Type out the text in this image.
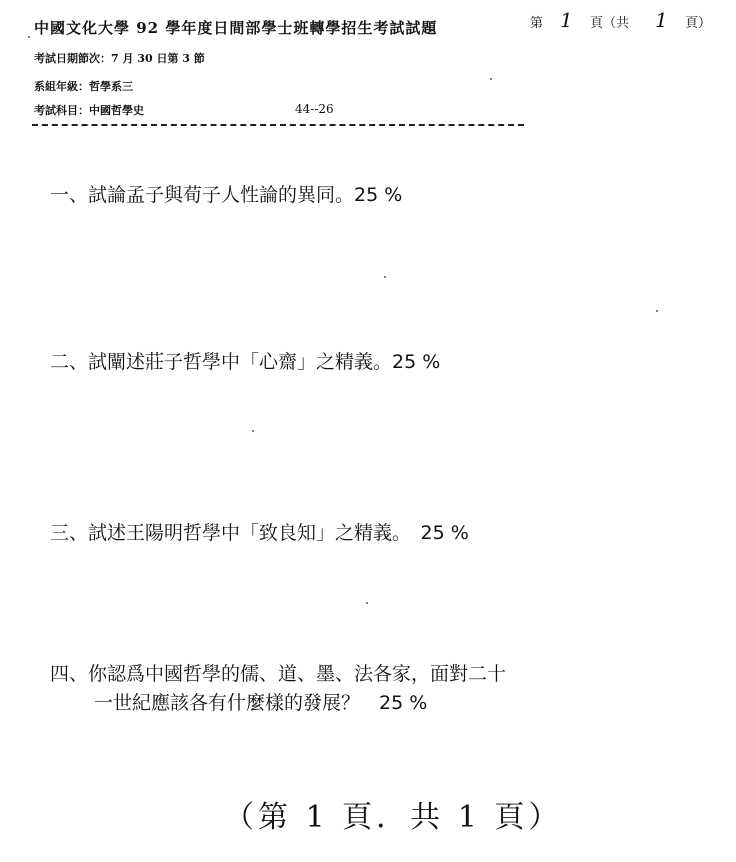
中國文化大學 92 學年度日間部學士班轉學招生考試試題	第 1 頁（共 1 頁）
考試日期節次：7 月 30 日第 3 節
系組年級：哲學系三
考試科目：中國哲學史	44--26
一、試論孟子與荀子人性論的異同。25 %
二、試闡述莊子哲學中「心齋」之精義。25 %
三、試述王陽明哲學中「致良知」之精義。　25 %
四、你認爲中國哲學的儒、道、墨、法各家，面對二十
一世紀應該各有什麼樣的發展？　25 %
（第 1 頁．共 1 頁）
